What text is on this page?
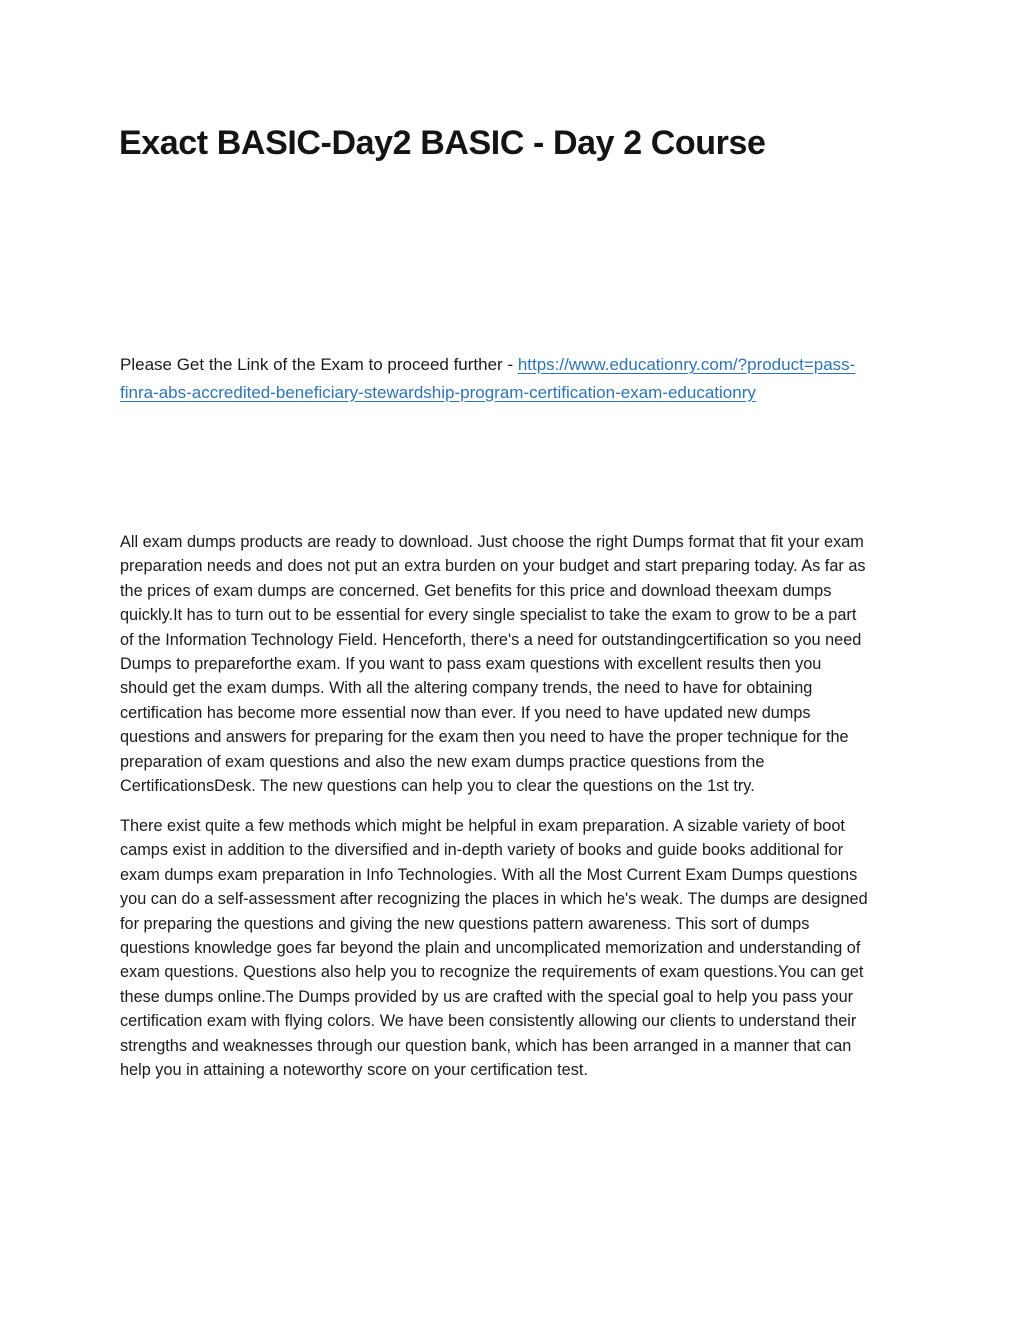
Exact BASIC-Day2 BASIC - Day 2 Course

Please Get the Link of the Exam to proceed further - https://www.educationry.com/?product=pass-
finra-abs-accredited-beneficiary-stewardship-program-certification-exam-educationry

All exam dumps products are ready to download. Just choose the right Dumps format that fit your exam
preparation needs and does not put an extra burden on your budget and start preparing today. As far as
the prices of exam dumps are concerned. Get benefits for this price and download theexam dumps
quickly.It has to turn out to be essential for every single specialist to take the exam to grow to be a part
of the Information Technology Field. Henceforth, there's a need for outstandingcertification so you need
Dumps to prepareforthe exam. If you want to pass exam questions with excellent results then you
should get the exam dumps. With all the altering company trends, the need to have for obtaining
certification has become more essential now than ever. If you need to have updated new dumps
questions and answers for preparing for the exam then you need to have the proper technique for the
preparation of exam questions and also the new exam dumps practice questions from the
CertificationsDesk. The new questions can help you to clear the questions on the 1st try.
There exist quite a few methods which might be helpful in exam preparation. A sizable variety of boot
camps exist in addition to the diversified and in-depth variety of books and guide books additional for
exam dumps exam preparation in Info Technologies. With all the Most Current Exam Dumps questions
you can do a self-assessment after recognizing the places in which he's weak. The dumps are designed
for preparing the questions and giving the new questions pattern awareness. This sort of dumps
questions knowledge goes far beyond the plain and uncomplicated memorization and understanding of
exam questions. Questions also help you to recognize the requirements of exam questions.You can get
these dumps online.The Dumps provided by us are crafted with the special goal to help you pass your
certification exam with flying colors. We have been consistently allowing our clients to understand their
strengths and weaknesses through our question bank, which has been arranged in a manner that can
help you in attaining a noteworthy score on your certification test.
